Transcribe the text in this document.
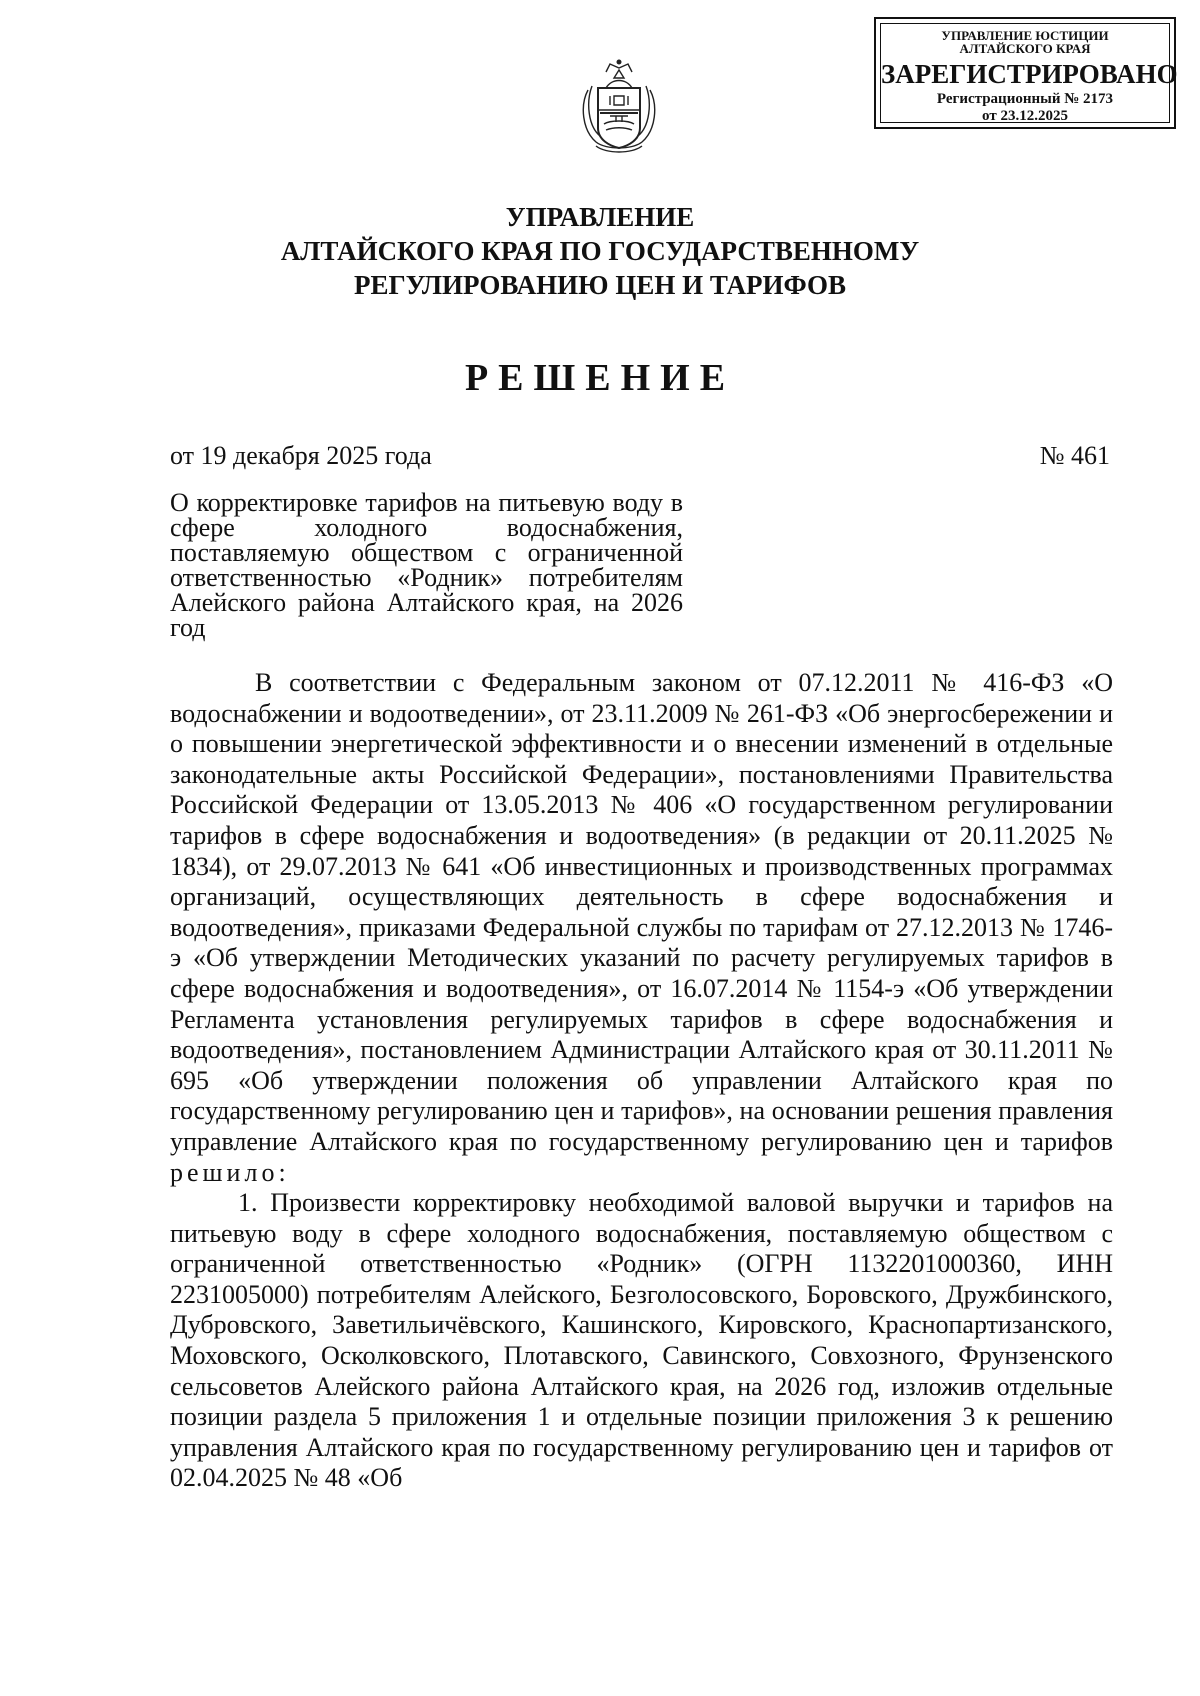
УПРАВЛЕНИЕ ЮСТИЦИИ
АЛТАЙСКОГО КРАЯ
ЗАРЕГИСТРИРОВАНО
Регистрационный № 2173
от 23.12.2025
УПРАВЛЕНИЕ
АЛТАЙСКОГО КРАЯ ПО ГОСУДАРСТВЕННОМУ
РЕГУЛИРОВАНИЮ ЦЕН И ТАРИФОВ
РЕШЕНИЕ
от 19 декабря 2025 года	№ 461
О корректировке тарифов на питьевую воду в сфере холодного водоснабжения, поставляемую обществом с ограниченной ответственностью «Родник» потребителям Алейского района Алтайского края, на 2026 год

В соответствии с Федеральным законом от 07.12.2011 № 416-ФЗ «О водоснабжении и водоотведении», от 23.11.2009 № 261-ФЗ «Об энергосбережении и о повышении энергетической эффективности и о внесении изменений в отдельные законодательные акты Российской Федерации», постановлениями Правительства Российской Федерации от 13.05.2013 № 406 «О государственном регулировании тарифов в сфере водоснабжения и водоотведения» (в редакции от 20.11.2025 № 1834), от 29.07.2013 № 641 «Об инвестиционных и производственных программах организаций, осуществляющих деятельность в сфере водоснабжения и водоотведения», приказами Федеральной службы по тарифам от 27.12.2013 № 1746-э «Об утверждении Методических указаний по расчету регулируемых тарифов в сфере водоснабжения и водоотведения», от 16.07.2014 № 1154-э «Об утверждении Регламента установления регулируемых тарифов в сфере водоснабжения и водоотведения», постановлением Администрации Алтайского края от 30.11.2011 № 695 «Об утверждении положения об управлении Алтайского края по государственному регулированию цен и тарифов», на основании решения правления управление Алтайского края по государственному регулированию цен и тарифов решило:

1. Произвести корректировку необходимой валовой выручки и тарифов на питьевую воду в сфере холодного водоснабжения, поставляемую обществом с ограниченной ответственностью «Родник» (ОГРН 1132201000360, ИНН 2231005000) потребителям Алейского, Безголосовского, Боровского, Дружбинского, Дубровского, Заветильичёвского, Кашинского, Кировского, Краснопартизанского, Моховского, Осколковского, Плотавского, Савинского, Совхозного, Фрунзенского сельсоветов Алейского района Алтайского края, на 2026 год, изложив отдельные позиции раздела 5 приложения 1 и отдельные позиции приложения 3 к решению управления Алтайского края по государственному регулированию цен и тарифов от 02.04.2025 № 48 «Об
